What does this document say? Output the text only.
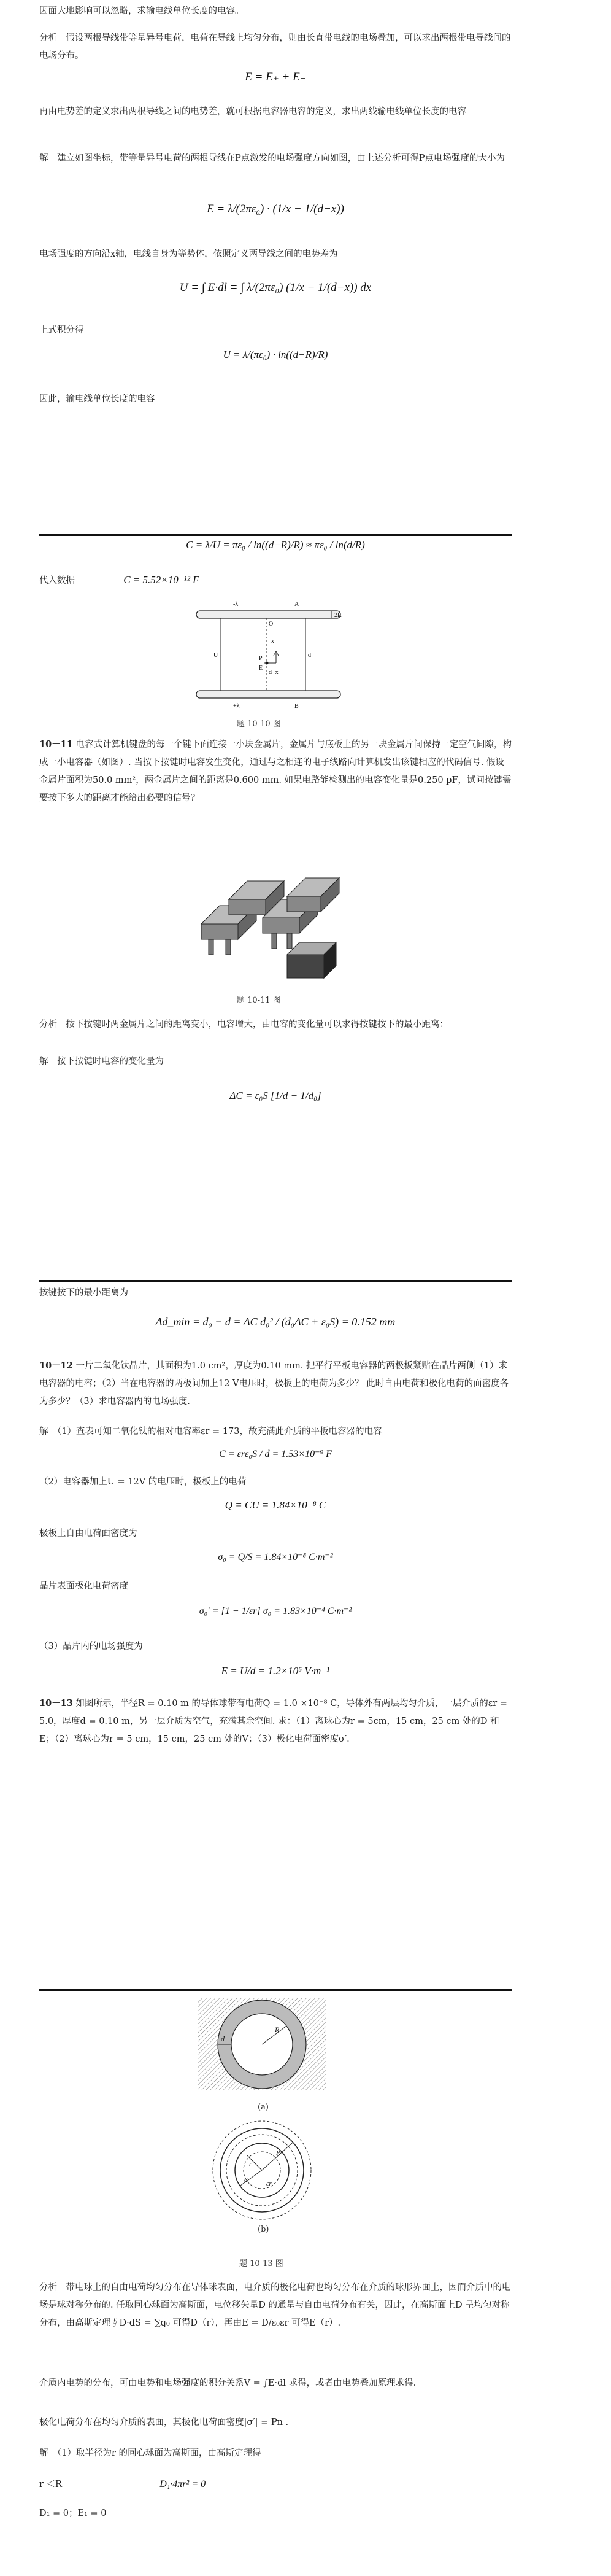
因面大地影响可以忽略，求输电线单位长度的电容。

分析　假设两根导线带等量异号电荷，电荷在导线上均匀分布，则由长直带电线的电场叠加，可以求出两根带电导线间的电场分布。

E = E₊ + E₋

再由电势差的定义求出两根导线之间的电势差，就可根据电容器电容的定义，求出两线输电线单位长度的电容

解　建立如图坐标，带等量异号电荷的两根导线在P点激发的电场强度方向如图，由上述分析可得P点电场强度的大小为

E = λ/(2πε₀) · (1/x − 1/(d−x))

电场强度的方向沿x轴，电线自身为等势体，依照定义两导线之间的电势差为

U = ∫ E·dl = ∫ λ/(2πε₀) (1/x − 1/(d−x)) dx

上式积分得

U = λ/(πε₀) · ln((d−R)/R)

因此，输电线单位长度的电容

C = λ/U = πε₀ / ln((d−R)/R) ≈ πε₀ / ln(d/R)

代入数据	C = 5.52×10⁻¹² F

-λ	A
2R
O
x
d−x
P
E
U	d
+λ	B

题 10-10 图

10－11 电容式计算机键盘的每一个键下面连接一小块金属片，金属片与底板上的另一块金属片间保持一定空气间隙，构成一小电容器（如图）. 当按下按键时电容发生变化，通过与之相连的电子线路向计算机发出该键相应的代码信号. 假设金属片面积为50.0 mm²，两金属片之间的距离是0.600 mm. 如果电路能检测出的电容变化量是0.250 pF，试问按键需要按下多大的距离才能给出必要的信号?

题 10-11 图

分析　按下按键时两金属片之间的距离变小，电容增大，由电容的变化量可以求得按键按下的最小距离：

解　按下按键时电容的变化量为

ΔC = ε₀S [1/d − 1/d₀]

按键按下的最小距离为

Δd_min = d₀ − d = ΔC d₀² / (d₀ΔC + ε₀S) = 0.152 mm

10－12 一片二氧化钛晶片，其面积为1.0 cm²，厚度为0.10 mm. 把平行平板电容器的两极板紧贴在晶片两侧（1）求电容器的电容；（2）当在电容器的两极间加上12 V电压时，极板上的电荷为多少？ 此时自由电荷和极化电荷的面密度各为多少？（3）求电容器内的电场强度.

解　（1）查表可知二氧化钛的相对电容率εr = 173，故充满此介质的平板电容器的电容

C = εrε₀S / d = 1.53×10⁻⁹ F

（2）电容器加上U = 12V 的电压时，极板上的电荷

Q = CU = 1.84×10⁻⁸ C

极板上自由电荷面密度为

σ₀ = Q/S = 1.84×10⁻⁸ C·m⁻²

晶片表面极化电荷密度

σ₀′ = [1 − 1/εr] σ₀ = 1.83×10⁻⁴ C·m⁻²

（3）晶片内的电场强度为

E = U/d = 1.2×10⁵ V·m⁻¹

10－13 如图所示，半径R = 0.10 m 的导体球带有电荷Q = 1.0 ×10⁻⁸ C，导体外有两层均匀介质，一层介质的εr = 5.0，厚度d = 0.10 m，另一层介质为空气，充满其余空间. 求：（1）离球心为r = 5cm，15 cm，25 cm 处的D 和E；（2）离球心为r = 5 cm，15 cm，25 cm 处的V；（3）极化电荷面密度σ′.

R
d

(a)

R
r
εr
d

(b)

题 10-13 图

分析　带电球上的自由电荷均匀分布在导体球表面，电介质的极化电荷也均匀分布在介质的球形界面上，因而介质中的电场是球对称分布的. 任取同心球面为高斯面，电位移矢量D 的通量与自由电荷分布有关，因此，在高斯面上D 呈均匀对称分布，由高斯定理∮D·dS = ∑q₀ 可得D（r），再由E = D/ε₀εr 可得E（r）.

介质内电势的分布，可由电势和电场强度的积分关系V = ∫E·dl 求得，或者由电势叠加原理求得.

极化电荷分布在均匀介质的表面，其极化电荷面密度|σ′| = Pn .

解　（1）取半径为r 的同心球面为高斯面，由高斯定理得

r ＜R	D₁·4πr² = 0

D₁ = 0；E₁ = 0
